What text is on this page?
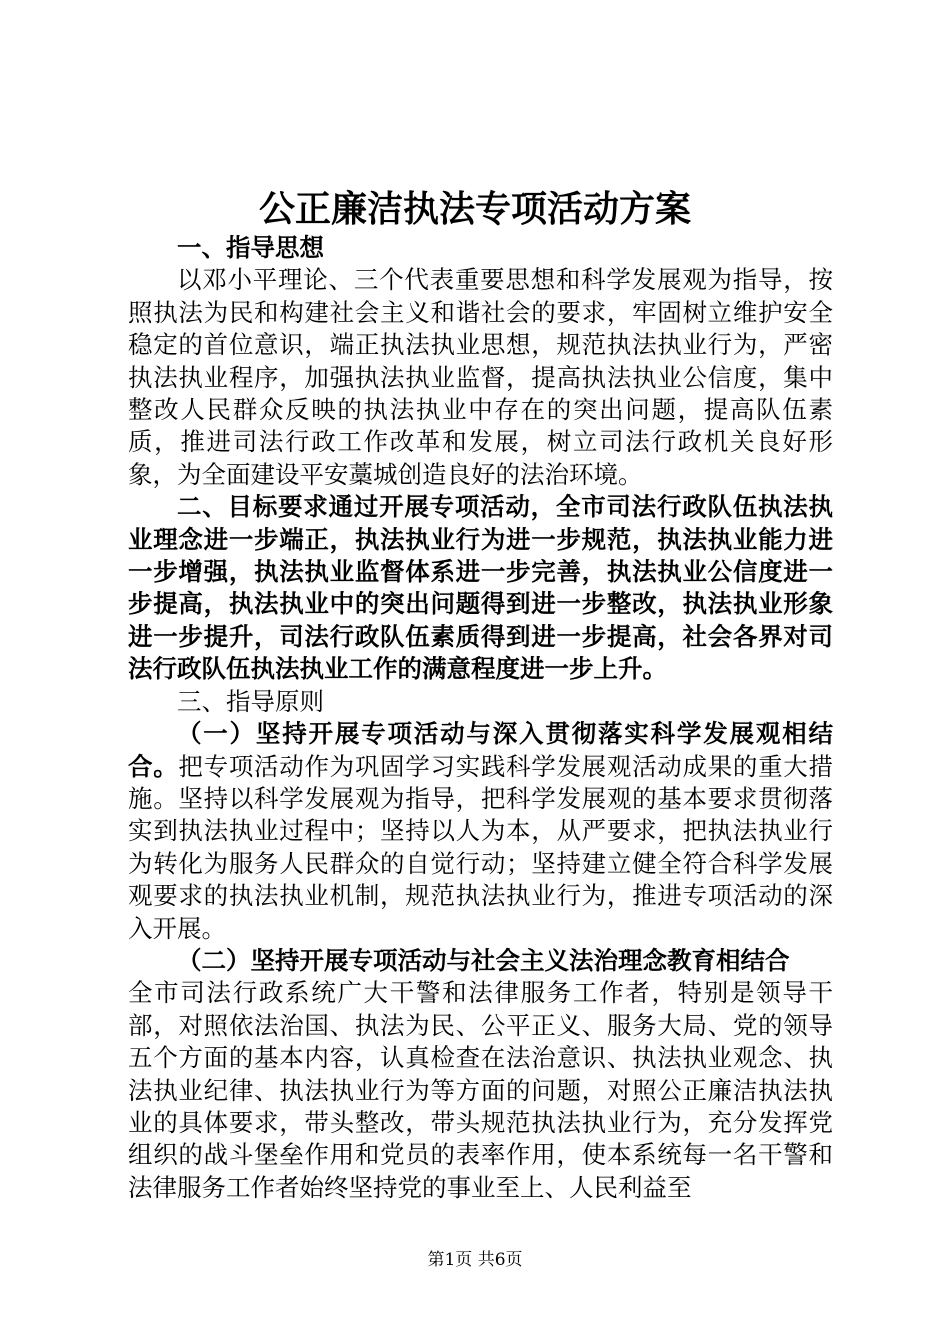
公正廉洁执法专项活动方案

一、指导思想

以邓小平理论、三个代表重要思想和科学发展观为指导，按照执法为民和构建社会主义和谐社会的要求，牢固树立维护安全稳定的首位意识，端正执法执业思想，规范执法执业行为，严密执法执业程序，加强执法执业监督，提高执法执业公信度，集中整改人民群众反映的执法执业中存在的突出问题，提高队伍素质，推进司法行政工作改革和发展，树立司法行政机关良好形象，为全面建设平安藁城创造良好的法治环境。

二、目标要求通过开展专项活动，全市司法行政队伍执法执业理念进一步端正，执法执业行为进一步规范，执法执业能力进一步增强，执法执业监督体系进一步完善，执法执业公信度进一步提高，执法执业中的突出问题得到进一步整改，执法执业形象进一步提升，司法行政队伍素质得到进一步提高，社会各界对司法行政队伍执法执业工作的满意程度进一步上升。

三、指导原则

（一）坚持开展专项活动与深入贯彻落实科学发展观相结合。把专项活动作为巩固学习实践科学发展观活动成果的重大措施。坚持以科学发展观为指导，把科学发展观的基本要求贯彻落实到执法执业过程中；坚持以人为本，从严要求，把执法执业行为转化为服务人民群众的自觉行动；坚持建立健全符合科学发展观要求的执法执业机制，规范执法执业行为，推进专项活动的深入开展。

（二）坚持开展专项活动与社会主义法治理念教育相结合

全市司法行政系统广大干警和法律服务工作者，特别是领导干部，对照依法治国、执法为民、公平正义、服务大局、党的领导五个方面的基本内容，认真检查在法治意识、执法执业观念、执法执业纪律、执法执业行为等方面的问题，对照公正廉洁执法执业的具体要求，带头整改，带头规范执法执业行为，充分发挥党组织的战斗堡垒作用和党员的表率作用，使本系统每一名干警和法律服务工作者始终坚持党的事业至上、人民利益至

第1页 共6页
